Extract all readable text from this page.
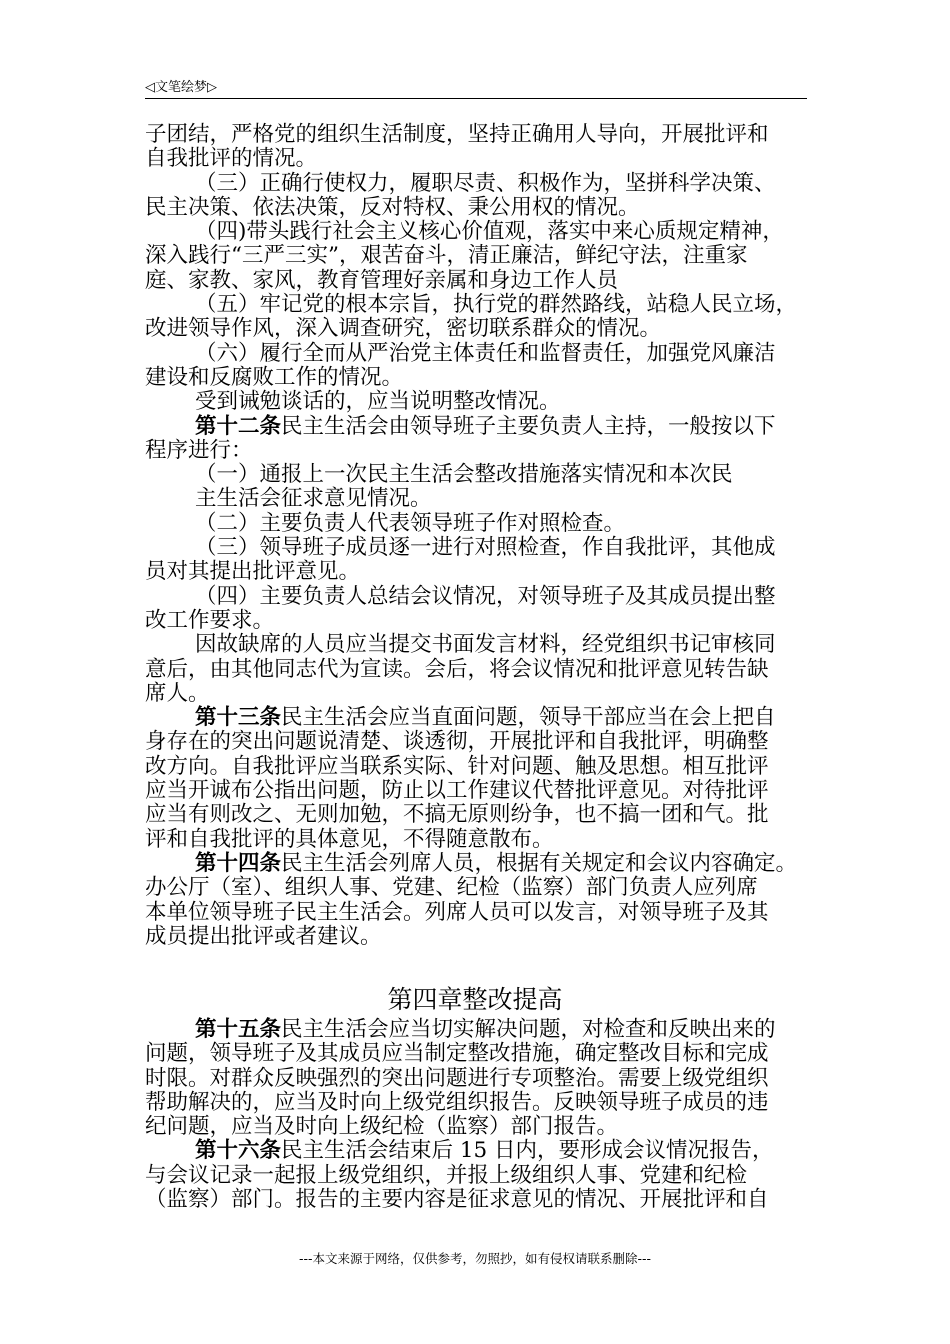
◁文笔绘梦▷

子团结，严格党的组织生活制度，坚持正确用人导向，开展批评和

自我批评的情况。

（三）正确行使权力，履职尽责、积极作为，坚拼科学决策、

民主决策、依法决策，反对特权、秉公用权的情况。

（四)带头践行社会主义核心价值观，落实中来心质规定精神，

深入践行“三严三实”，艰苦奋斗，清正廉洁，鲜纪守法，注重家

庭、家教、家风，教育管理好亲属和身边工作人员

（五）牢记党的根本宗旨，执行党的群然路线，站稳人民立场，

改进领导作风，深入调查研究，密切联系群众的情况。

（六）履行全而从严治党主体责任和监督责任，加强党风廉洁

建设和反腐败工作的情况。

受到诫勉谈话的，应当说明整改情况。

第十二条民主生活会由领导班子主要负责人主持，一般按以下

程序进行：

（一）通报上一次民主生活会整改措施落实情况和本次民

主生活会征求意见情况。

（二）主要负责人代表领导班子作对照检查。

（三）领导班子成员逐一进行对照检查，作自我批评，其他成

员对其提出批评意见。

（四）主要负责人总结会议情况，对领导班子及其成员提出整

改工作要求。

因故缺席的人员应当提交书面发言材料，经党组织书记审核同

意后，由其他同志代为宣读。会后，将会议情况和批评意见转告缺

席人。

第十三条民主生活会应当直面问题，领导干部应当在会上把自

身存在的突出问题说清楚、谈透彻，开展批评和自我批评，明确整

改方向。自我批评应当联系实际、针对问题、触及思想。相互批评

应当开诚布公指出问题，防止以工作建议代替批评意见。对待批评

应当有则改之、无则加勉，不搞无原则纷争，也不搞一团和气。批

评和自我批评的具体意见，不得随意散布。

第十四条民主生活会列席人员，根据有关规定和会议内容确定。

办公厅（室）、组织人事、党建、纪检（监察）部门负责人应列席

本单位领导班子民主生活会。列席人员可以发言，对领导班子及其

成员提出批评或者建议。

第四章整改提高

第十五条民主生活会应当切实解决问题，对检查和反映出来的

问题，领导班子及其成员应当制定整改措施，确定整改目标和完成

时限。对群众反映强烈的突出问题进行专项整治。需要上级党组织

帮助解决的，应当及时向上级党组织报告。反映领导班子成员的违

纪问题，应当及时向上级纪检（监察）部门报告。

第十六条民主生活会结束后 15 日内，要形成会议情况报告，

与会议记录一起报上级党组织，并报上级组织人事、党建和纪检

（监察）部门。报告的主要内容是征求意见的情况、开展批评和自

---本文来源于网络，仅供参考，勿照抄，如有侵权请联系删除---
